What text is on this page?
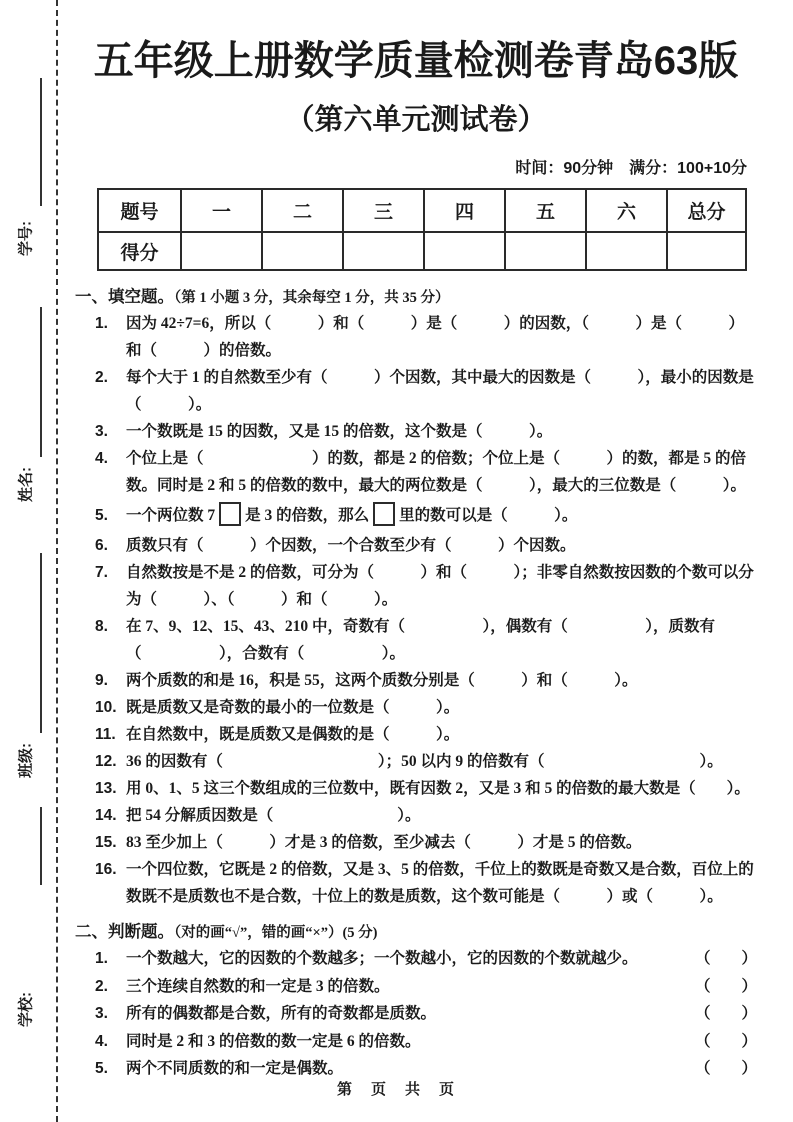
学号:
姓名:
班级:
学校:
五年级上册数学质量检测卷青岛63版
（第六单元测试卷）
时间：90分钟　满分：100+10分
题号	一	二	三	四	五	六	总分
得分							
一、填空题。（第 1 小题 3 分，其余每空 1 分，共 35 分）
1.	因为 42÷7=6，所以（　　　）和（　　　）是（　　　）的因数，（　　　）是（　　　）和（　　　）的倍数。
2.	每个大于 1 的自然数至少有（　　　）个因数，其中最大的因数是（　　　），最小的因数是（　　　）。
3.	一个数既是 15 的因数，又是 15 的倍数，这个数是（　　　）。
4.	个位上是（　　　　　　　）的数，都是 2 的倍数；个位上是（　　　）的数，都是 5 的倍数。同时是 2 和 5 的倍数的数中，最大的两位数是（　　　），最大的三位数是（　　　）。
5.	一个两位数 7 是 3 的倍数，那么 里的数可以是（　　　）。
6.	质数只有（　　　）个因数，一个合数至少有（　　　）个因数。
7.	自然数按是不是 2 的倍数，可分为（　　　）和（　　　）；非零自然数按因数的个数可以分为（　　　）、（　　　）和（　　　）。
8.	在 7、9、12、15、43、210 中，奇数有（　　　　　），偶数有（　　　　　），质数有（　　　　　），合数有（　　　　　）。
9.	两个质数的和是 16，积是 55，这两个质数分别是（　　　）和（　　　）。
10. 既是质数又是奇数的最小的一位数是（　　　）。
11. 在自然数中，既是质数又是偶数的是（　　　）。
12. 36 的因数有（　　　　　　　　　　）；50 以内 9 的倍数有（　　　　　　　　　　）。
13. 用 0、1、5 这三个数组成的三位数中，既有因数 2，又是 3 和 5 的倍数的最大数是（　　）。
14. 把 54 分解质因数是（　　　　　　　　）。
15. 83 至少加上（　　　）才是 3 的倍数，至少减去（　　　）才是 5 的倍数。
16. 一个四位数，它既是 2 的倍数，又是 3、5 的倍数，千位上的数既是奇数又是合数，百位上的数既不是质数也不是合数，十位上的数是质数，这个数可能是（　　　）或（　　　）。
二、判断题。（对的画“√”，错的画“×”）(5 分)
1.	一个数越大，它的因数的个数越多；一个数越小，它的因数的个数就越少。	（　　）
2.	三个连续自然数的和一定是 3 的倍数。	（　　）
3.	所有的偶数都是合数，所有的奇数都是质数。	（　　）
4.	同时是 2 和 3 的倍数的数一定是 6 的倍数。	（　　）
5.	两个不同质数的和一定是偶数。	（　　）
第　页　共　页
